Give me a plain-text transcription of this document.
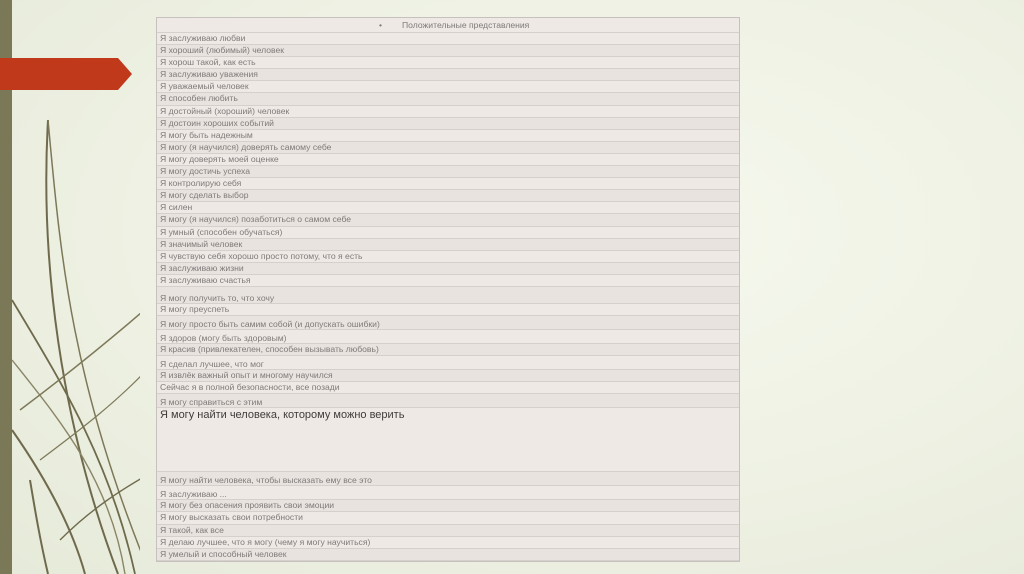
• Положительные представления
Я заслуживаю любви
Я хороший (любимый) человек
Я хорош такой, как есть
Я заслуживаю уважения
Я уважаемый человек
Я способен любить
Я достойный (хороший) человек
Я достоин хороших событий
Я могу быть надежным
Я могу (я научился) доверять самому себе
Я могу доверять моей оценке
Я могу достичь успеха
Я контролирую себя
Я могу сделать выбор
Я силен
Я могу (я научился) позаботиться о самом себе
Я умный (способен обучаться)
Я значимый человек
Я чувствую себя хорошо просто потому, что я есть
Я заслуживаю жизни
Я заслуживаю счастья
Я могу получить то, что хочу
Я могу преуспеть
Я могу просто быть самим собой (и допускать ошибки)
Я здоров (могу быть здоровым)
Я красив (привлекателен, способен вызывать любовь)
Я сделал лучшее, что мог
Я извлёк важный опыт и многому научился
Сейчас я в полной безопасности, все позади
Я могу справиться с этим
Я могу найти человека, которому можно верить
Я могу найти человека, чтобы высказать ему все это
Я заслуживаю ...
Я могу без опасения проявить свои эмоции
Я могу высказать свои потребности
Я такой, как все
Я делаю лучшее, что я могу (чему я могу научиться)
Я умелый и способный человек
